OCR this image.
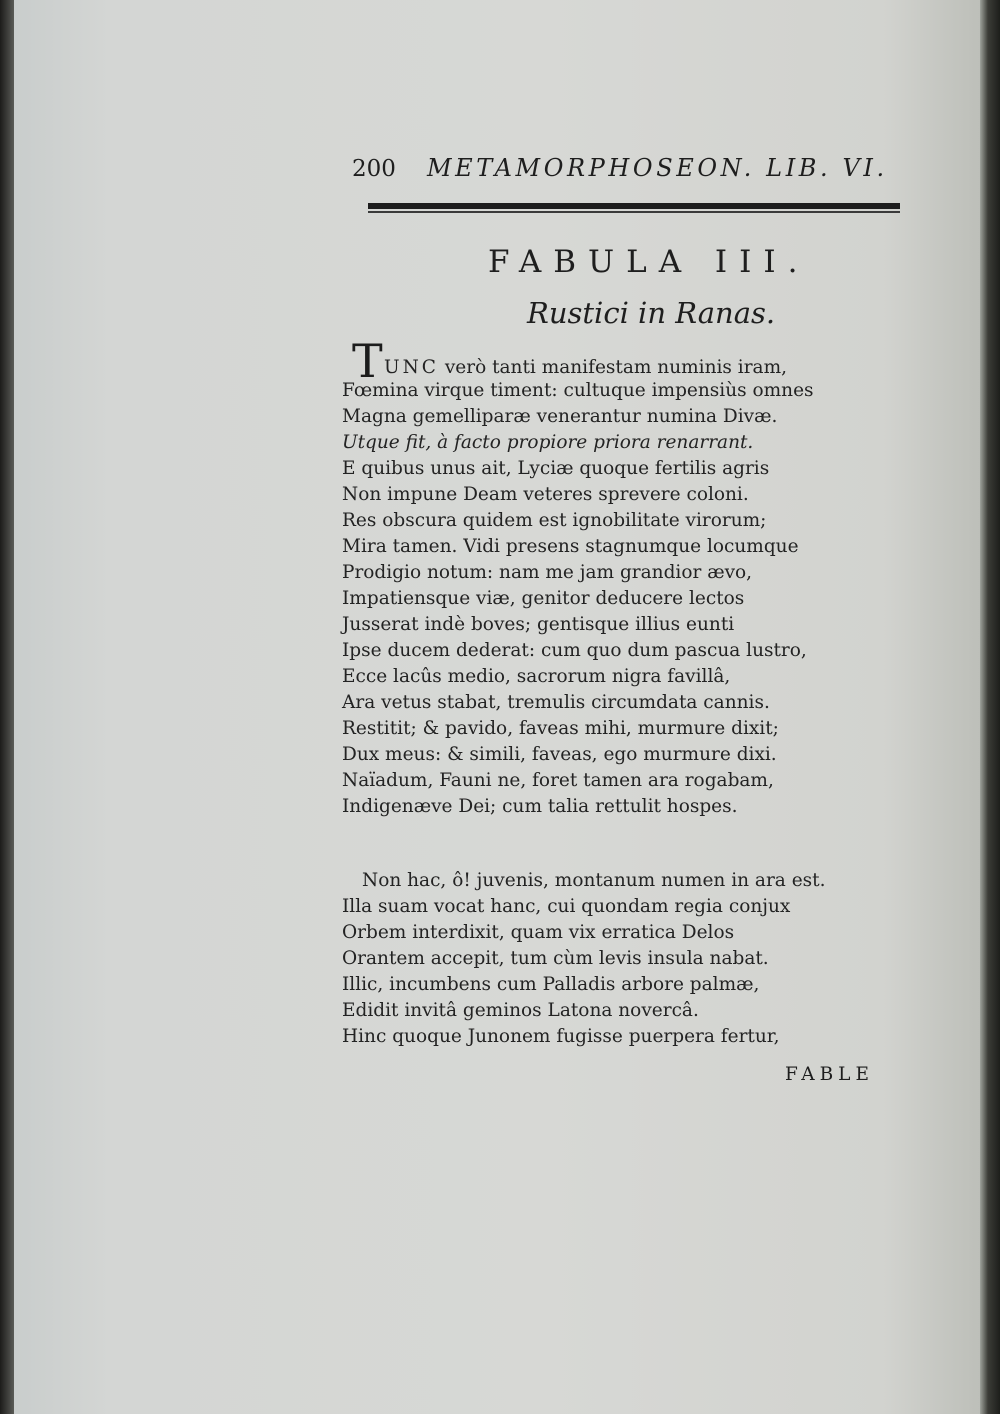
200 METAMORPHOSEON. LIB. VI.
FABULA III.
Rustici in Ranas.
T UNC verò tanti manifestam numinis iram,
Fœmina virque timent: cultuque impensiùs omnes
Magna gemelliparæ venerantur numina Divæ.
Utque fit, à facto propiore priora renarrant.
E quibus unus ait, Lyciæ quoque fertilis agris
Non impune Deam veteres sprevere coloni.
Res obscura quidem est ignobilitate virorum;
Mira tamen. Vidi presens stagnumque locumque
Prodigio notum: nam me jam grandior ævo,
Impatiensque viæ, genitor deducere lectos
Jusserat indè boves; gentisque illius eunti
Ipse ducem dederat: cum quo dum pascua lustro,
Ecce lacûs medio, sacrorum nigra favillâ,
Ara vetus stabat, tremulis circumdata cannis.
Restitit; & pavido, faveas mihi, murmure dixit;
Dux meus: & simili, faveas, ego murmure dixi.
Naïadum, Fauni ne, foret tamen ara rogabam,
Indigenæve Dei; cum talia rettulit hospes.
Non hac, ô! juvenis, montanum numen in ara est.
Illa suam vocat hanc, cui quondam regia conjux
Orbem interdixit, quam vix erratica Delos
Orantem accepit, tum cùm levis insula nabat.
Illic, incumbens cum Palladis arbore palmæ,
Edidit invitâ geminos Latona novercâ.
Hinc quoque Junonem fugisse puerpera fertur,
FABLE
